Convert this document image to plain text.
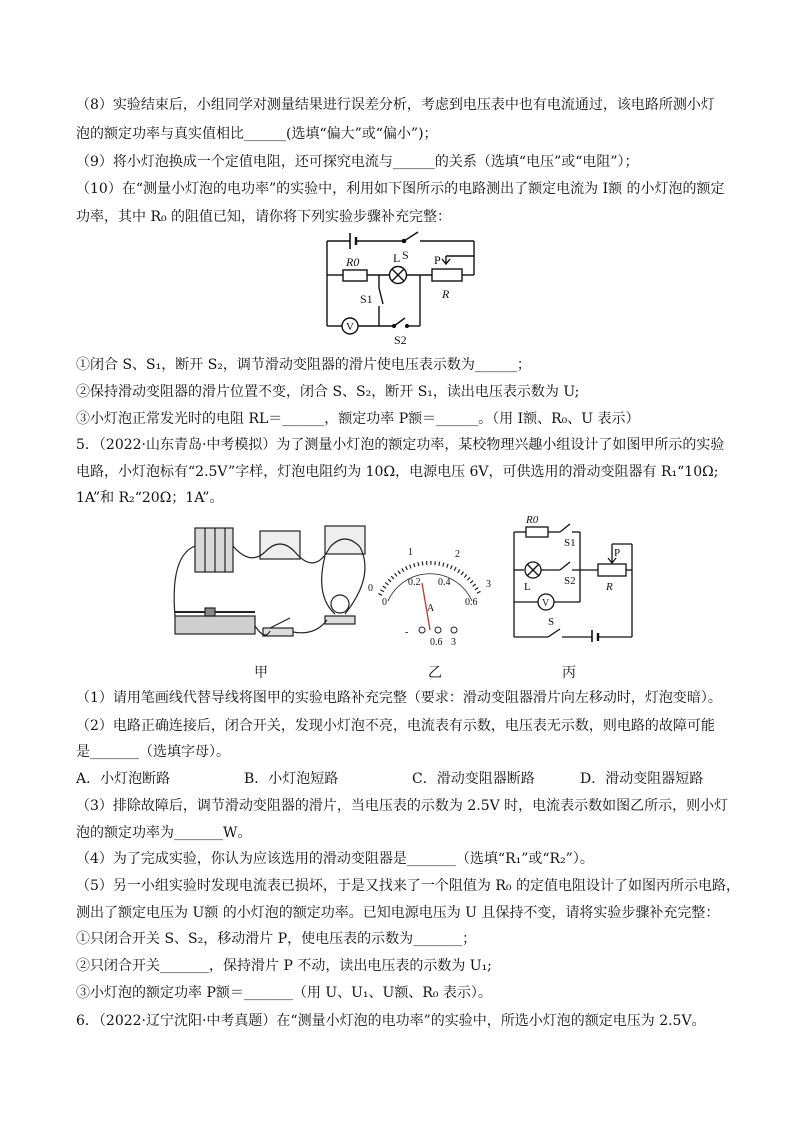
（8）实验结束后，小组同学对测量结果进行误差分析，考虑到电压表中也有电流通过，该电路所测小灯
泡的额定功率与真实值相比______(选填“偏大”或“偏小”)；
（9）将小灯泡换成一个定值电阻，还可探究电流与______的关系（选填“电压”或“电阻”）；
（10）在“测量小灯泡的电功率”的实验中，利用如下图所示的电路测出了额定电流为 I额 的小灯泡的额定
功率，其中 R₀ 的阻值已知，请你将下列实验步骤补充完整：
S
R0	L	P
R
S1
V
S2
①闭合 S、S₁，断开 S₂，调节滑动变阻器的滑片使电压表示数为______；
②保持滑动变阻器的滑片位置不变，闭合 S、S₂，断开 S₁，读出电压表示数为 U;
③小灯泡正常发光时的电阻 RL＝______，额定功率 P额＝______。（用 I额、R₀、U 表示）
5．（2022·山东青岛·中考模拟）为了测量小灯泡的额定功率，某校物理兴趣小组设计了如图甲所示的实验
电路，小灯泡标有“2.5V”字样，灯泡电阻约为 10Ω，电源电压 6V，可供选用的滑动变阻器有 R₁“10Ω;
1A”和 R₂“20Ω；1A”。
0
1	2
3
0
0.2 0.4
0.6
A
-
0.6 3
R0
S1
L	S2
P
R
V
S
甲	乙	丙
（1）请用笔画线代替导线将图甲的实验电路补充完整（要求：滑动变阻器滑片向左移动时，灯泡变暗）。
（2）电路正确连接后，闭合开关，发现小灯泡不亮，电流表有示数，电压表无示数，则电路的故障可能
是_______（选填字母）。
A．小灯泡断路	B．小灯泡短路	C．滑动变阻器断路	D．滑动变阻器短路
（3）排除故障后，调节滑动变阻器的滑片，当电压表的示数为 2.5V 时，电流表示数如图乙所示，则小灯
泡的额定功率为_______W。
（4）为了完成实验，你认为应该选用的滑动变阻器是_______（选填“R₁”或“R₂”）。
（5）另一小组实验时发现电流表已损坏，于是又找来了一个阻值为 R₀ 的定值电阻设计了如图丙所示电路，
测出了额定电压为 U额 的小灯泡的额定功率。已知电源电压为 U 且保持不变，请将实验步骤补充完整：
①只闭合开关 S、S₂，移动滑片 P，使电压表的示数为_______；
②只闭合开关_______，保持滑片 P 不动，读出电压表的示数为 U₁;
③小灯泡的额定功率 P额＝_______（用 U、U₁、U额、R₀ 表示）。
6．（2022·辽宁沈阳·中考真题）在“测量小灯泡的电功率”的实验中，所选小灯泡的额定电压为 2.5V。
